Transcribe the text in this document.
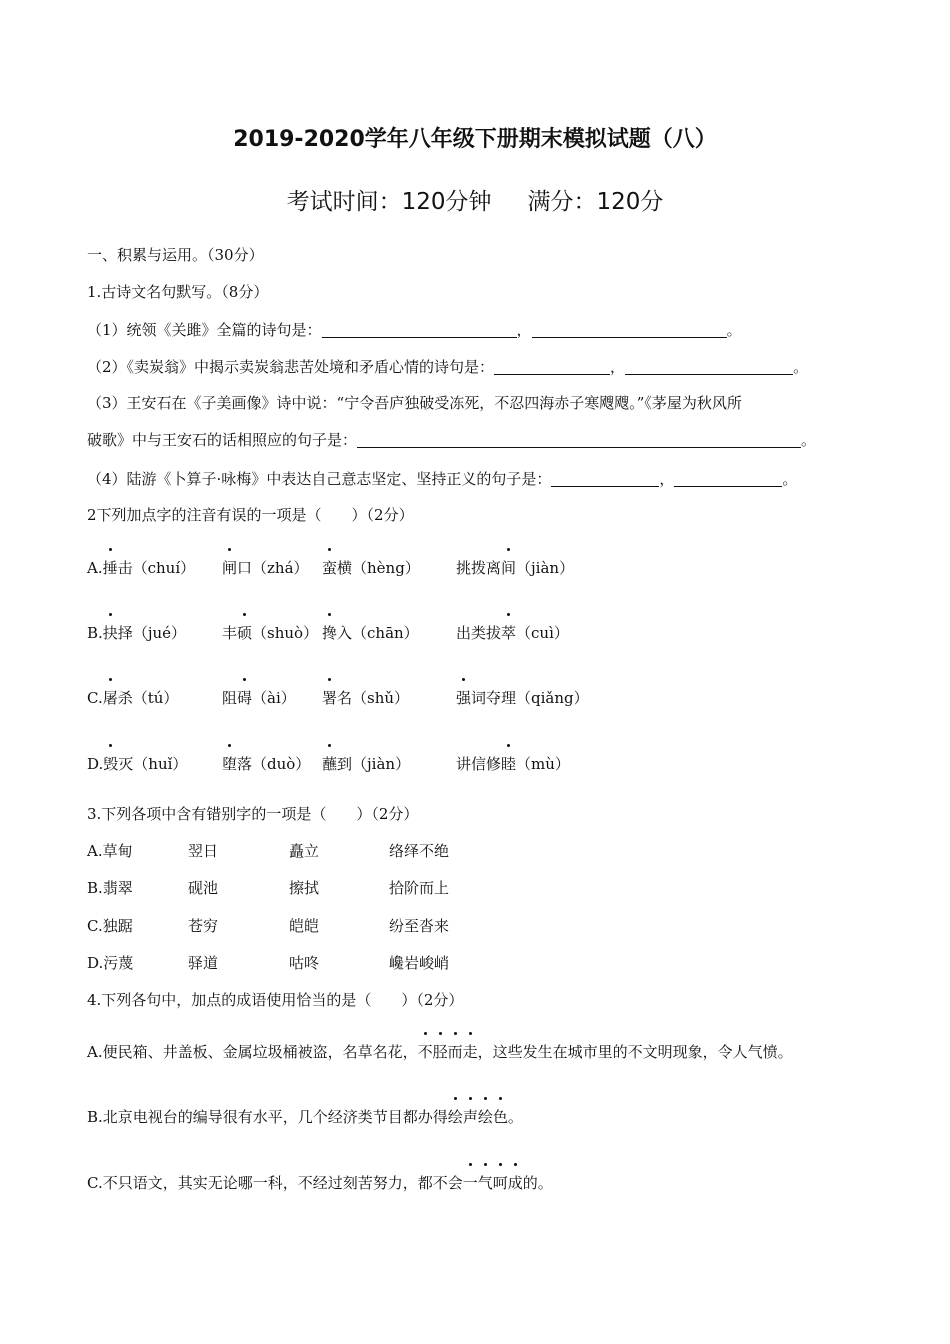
2019-2020学年八年级下册期末模拟试题（八）
考试时间：120分钟 满分：120分
一、积累与运用。（30分）
1.古诗文名句默写。（8分）
（1）统领《关雎》全篇的诗句是：	，	。
（2）《卖炭翁》中揭示卖炭翁悲苦处境和矛盾心情的诗句是：	，	。
（3）王安石在《子美画像》诗中说：“宁令吾庐独破受冻死，不忍四海赤子寒飕飕。”《茅屋为秋风所
破歌》中与王安石的话相照应的句子是：	。
（4）陆游《卜算子·咏梅》中表达自己意志坚定、坚持正义的句子是：	，	。
2下列加点字的注音有误的一项是（　　）（2分）
A.捶击（chuí） 闸口（zhá） 蛮横（hèng） 挑拨离间（jiàn）
B.抉择（jué） 丰硕（shuò） 搀入（chān） 出类拔萃（cuì）
C.屠杀（tú）	阻碍（ài） 署名（shǔ）	强词夺理（qiǎng）
D.毁灭（huǐ） 堕落（duò） 蘸到（jiàn）	讲信修睦（mù）
3.下列各项中含有错别字的一项是（　　）（2分）
A.草甸	翌日	矗立	络绎不绝
B.翡翠	砚池	擦拭	拾阶而上
C.独踞	苍穷	皑皑	纷至沓来
D.污蔑	驿道	咕咚	巉岩峻峭
4.下列各句中，加点的成语使用恰当的是（　　）（2分）
A.便民箱、井盖板、金属垃圾桶被盗，名草名花，不胫而走，这些发生在城市里的不文明现象，令人气愤。
B.北京电视台的编导很有水平，几个经济类节目都办得绘声绘色。
C.不只语文，其实无论哪一科，不经过刻苦努力，都不会一气呵成的。
